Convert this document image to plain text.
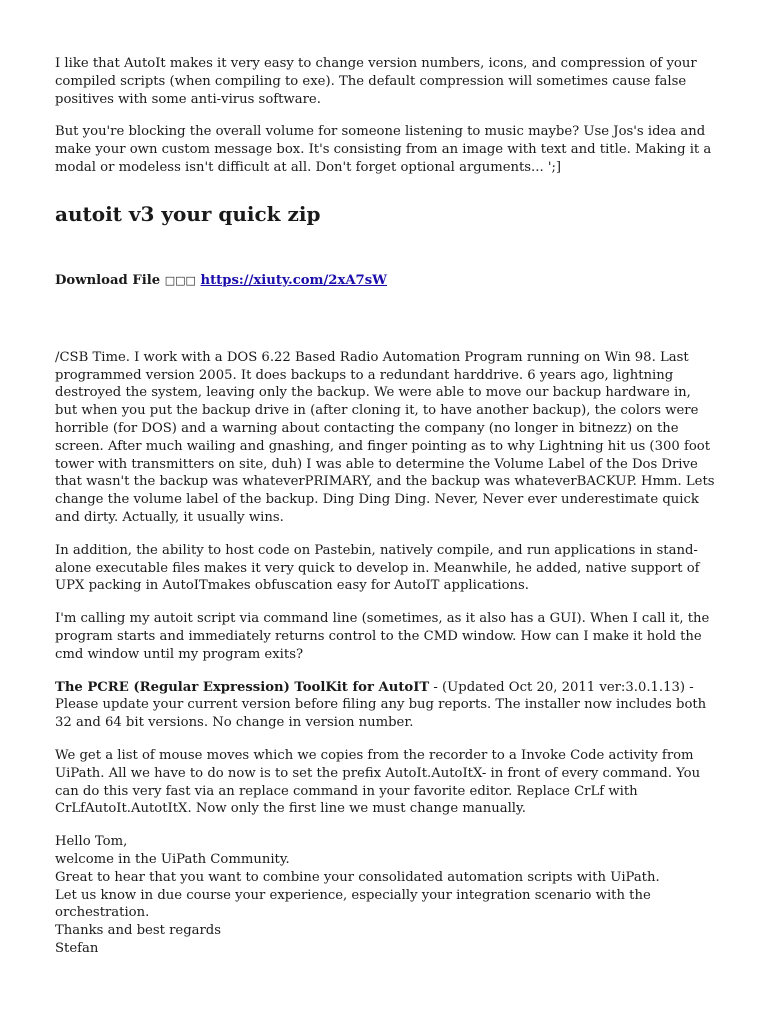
I like that AutoIt makes it very easy to change version numbers, icons, and compression of your compiled scripts (when compiling to exe). The default compression will sometimes cause false positives with some anti-virus software.

But you're blocking the overall volume for someone listening to music maybe? Use Jos's idea and make your own custom message box. It's consisting from an image with text and title. Making it a modal or modeless isn't difficult at all. Don't forget optional arguments... ';]

autoit v3 your quick zip

Download File □□□ https://xiuty.com/2xA7sW

/CSB Time. I work with a DOS 6.22 Based Radio Automation Program running on Win 98. Last programmed version 2005. It does backups to a redundant harddrive. 6 years ago, lightning destroyed the system, leaving only the backup. We were able to move our backup hardware in, but when you put the backup drive in (after cloning it, to have another backup), the colors were horrible (for DOS) and a warning about contacting the company (no longer in bitnezz) on the screen. After much wailing and gnashing, and finger pointing as to why Lightning hit us (300 foot tower with transmitters on site, duh) I was able to determine the Volume Label of the Dos Drive that wasn't the backup was whateverPRIMARY, and the backup was whateverBACKUP. Hmm. Lets change the volume label of the backup. Ding Ding Ding. Never, Never ever underestimate quick and dirty. Actually, it usually wins.

In addition, the ability to host code on Pastebin, natively compile, and run applications in stand-alone executable files makes it very quick to develop in. Meanwhile, he added, native support of UPX packing in AutoITmakes obfuscation easy for AutoIT applications.

I'm calling my autoit script via command line (sometimes, as it also has a GUI). When I call it, the program starts and immediately returns control to the CMD window. How can I make it hold the cmd window until my program exits?

The PCRE (Regular Expression) ToolKit for AutoIT - (Updated Oct 20, 2011 ver:3.0.1.13) - Please update your current version before filing any bug reports. The installer now includes both 32 and 64 bit versions. No change in version number.

We get a list of mouse moves which we copies from the recorder to a Invoke Code activity from UiPath. All we have to do now is to set the prefix AutoIt.AutoItX- in front of every command. You can do this very fast via an replace command in your favorite editor. Replace CrLf with CrLfAutoIt.AutotItX. Now only the first line we must change manually.

Hello Tom,

welcome in the UiPath Community.

Great to hear that you want to combine your consolidated automation scripts with UiPath.

Let us know in due course your experience, especially your integration scenario with the orchestration.

Thanks and best regards

Stefan
